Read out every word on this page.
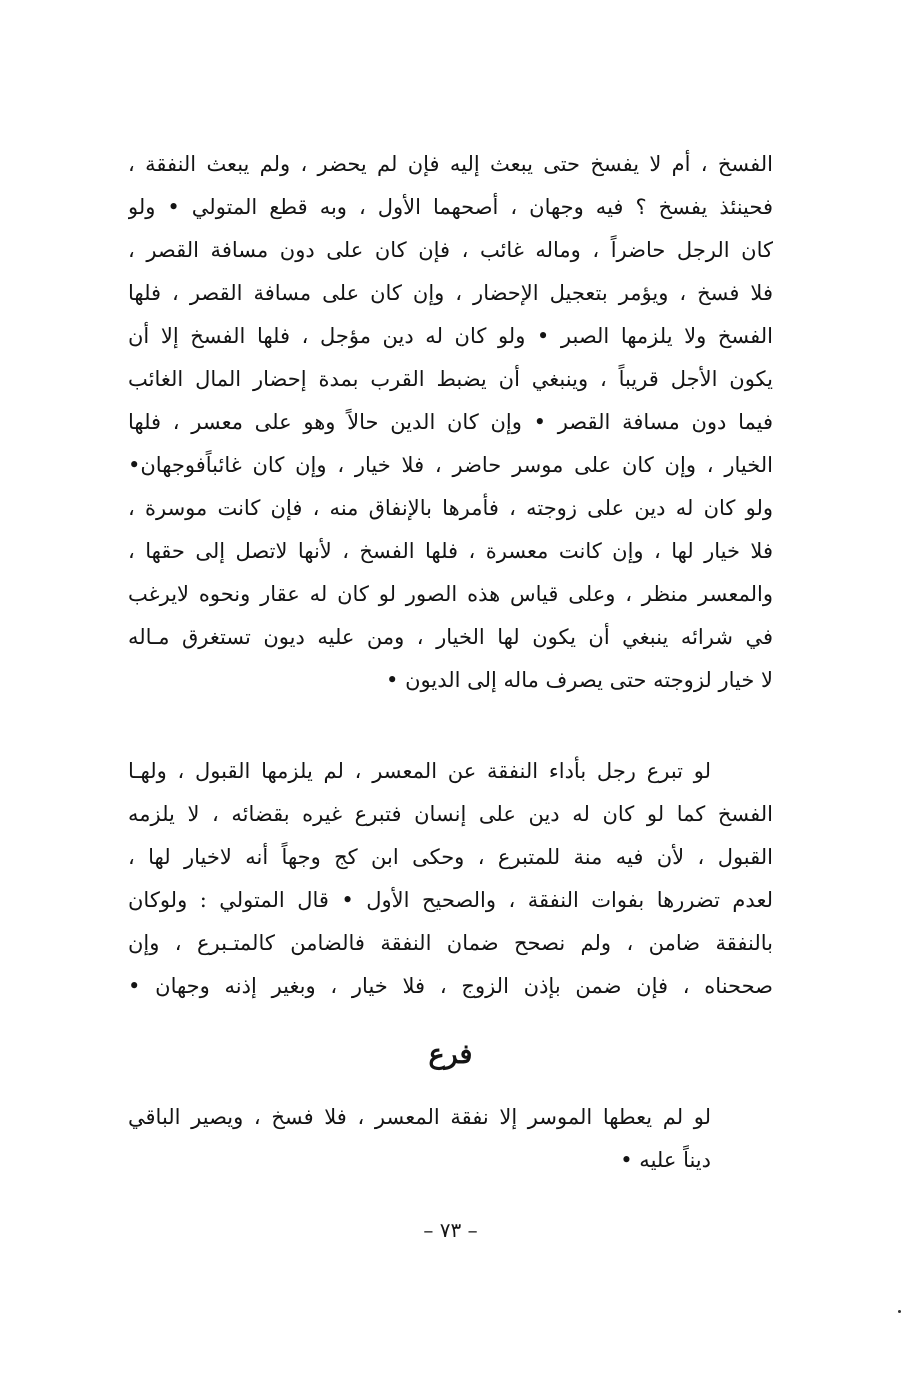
الفسخ ، أم لا يفسخ حتى يبعث إليه فإن لم يحضر ، ولم يبعث النفقة ،
فحينئذ يفسخ ؟ فيه وجهان ، أصحهما الأول ، وبه قطع المتولي • ولو
كان الرجل حاضراً ، وماله غائب ، فإن كان على دون مسافة القصر ،
فلا فسخ ، ويؤمر بتعجيل الإحضار ، وإن كان على مسافة القصر ، فلها
الفسخ ولا يلزمها الصبر • ولو كان له دين مؤجل ، فلها الفسخ إلا أن
يكون الأجل قريباً ، وينبغي أن يضبط القرب بمدة إحضار المال الغائب
فيما دون مسافة القصر • وإن كان الدين حالاً وهو على معسر ، فلها
الخيار ، وإن كان على موسر حاضر ، فلا خيار ، وإن كان غائباًفوجهان•
ولو كان له دين على زوجته ، فأمرها بالإنفاق منه ، فإن كانت موسرة ،
فلا خيار لها ، وإن كانت معسرة ، فلها الفسخ ، لأنها لاتصل إلى حقها ،
والمعسر منظر ، وعلى قياس هذه الصور لو كان له عقار ونحوه لايرغب
في شرائه ينبغي أن يكون لها الخيار ، ومن عليه ديون تستغرق مـاله
لا خيار لزوجته حتى يصرف ماله إلى الديون •
لو تبرع رجل بأداء النفقة عن المعسر ، لم يلزمها القبول ، ولهـا
الفسخ كما لو كان له دين على إنسان فتبرع غيره بقضائه ، لا يلزمه
القبول ، لأن فيه منة للمتبرع ، وحكى ابن كج وجهاً أنه لاخيار لها ،
لعدم تضررها بفوات النفقة ، والصحيح الأول • قال المتولي : ولوكان
بالنفقة ضامن ، ولم نصحح ضمان النفقة فالضامن كالمتـبرع ، وإن
صححناه ، فإن ضمن بإذن الزوج ، فلا خيار ، وبغير إذنه وجهان •
فرع
لو لم يعطها الموسر إلا نفقة المعسر ، فلا فسخ ، ويصير الباقي
ديناً عليه •
– ٧٣ –
